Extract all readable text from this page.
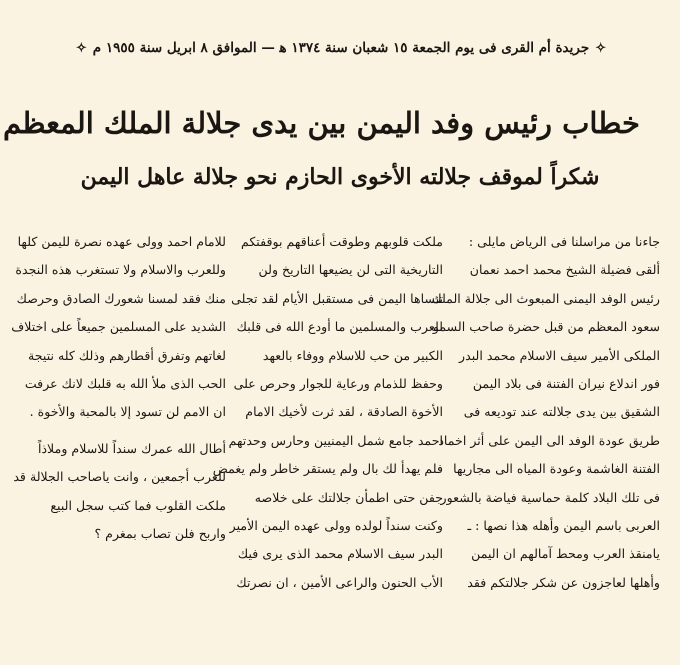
✧ جريدة أم القرى فى يوم الجمعة ١٥ شعبان سنة ١٣٧٤ ﻫ — الموافق ٨ ابريل سنة ١٩٥٥ م ✧
خطاب رئيس وفد اليمن بين يدى جلالة الملك المعظم
شكراً لموقف جلالته الأخوى الحازم نحو جلالة عاهل اليمن

جاءنا من مراسلنا فى الرياض مايلى :

ألقى فضيلة الشيخ محمد احمد نعمان

رئيس الوفد اليمنى المبعوث الى جلالة الملك

سعود المعظم من قبل حضرة صاحب السمو

الملكى الأمير سيف الاسلام محمد البدر

فور اندلاع نيران الفتنة فى بلاد اليمن

الشقيق بين يدى جلالته عند توديعه فى

طريق عودة الوفد الى اليمن على أثر اخماد

الفتنة الغاشمة وعودة المياه الى مجاريها

فى تلك البلاد كلمة حماسية فياضة بالشعور

العربى باسم اليمن وأهله هذا نصها : ـ

يامنقذ العرب ومحط آمالهم ان اليمن

وأهلها لعاجزون عن شكر جلالتكم فقد

ملكت قلوبهم وطوقت أعناقهم بوقفتكم

التاريخية التى لن يضيعها التاريخ ولن

تنساها اليمن فى مستقبل الأيام لقد تجلى

للعرب والمسلمين ما أودع الله فى قلبك

الكبير من حب للاسلام ووفاء بالعهد

وحفظ للذمام ورعاية للجوار وحرص على

الأخوة الصادقة ، لقد ثرت لأخيك الامام

احمد جامع شمل اليمنيين وحارس وحدتهم

فلم يهدأ لك بال ولم يستقر خاطر ولم يغمض

جفن حتى اطمأن جلالتك على خلاصه

وكنت سنداً لولده وولى عهده اليمن الأمير

البدر سيف الاسلام محمد الذى يرى فيك

الأب الحنون والراعى الأمين ، ان نصرتك

للامام احمد وولى عهده نصرة لليمن كلها

وللعرب والاسلام ولا تستغرب هذه النجدة

منك فقد لمسنا شعورك الصادق وحرصك

الشديد على المسلمين جميعاً على اختلاف

لغاتهم وتفرق أقطارهم وذلك كله نتيجة

الحب الذى ملأ الله به قلبك لانك عرفت

ان الامم لن تسود إلا بالمحبة والأخوة .

أطال الله عمرك سنداً للاسلام وملاذاً

للعرب أجمعين ، وانت ياصاحب الجلالة قد

ملكت القلوب فما كتب سجل البيع

واربح فلن تصاب بمغرم ؟
